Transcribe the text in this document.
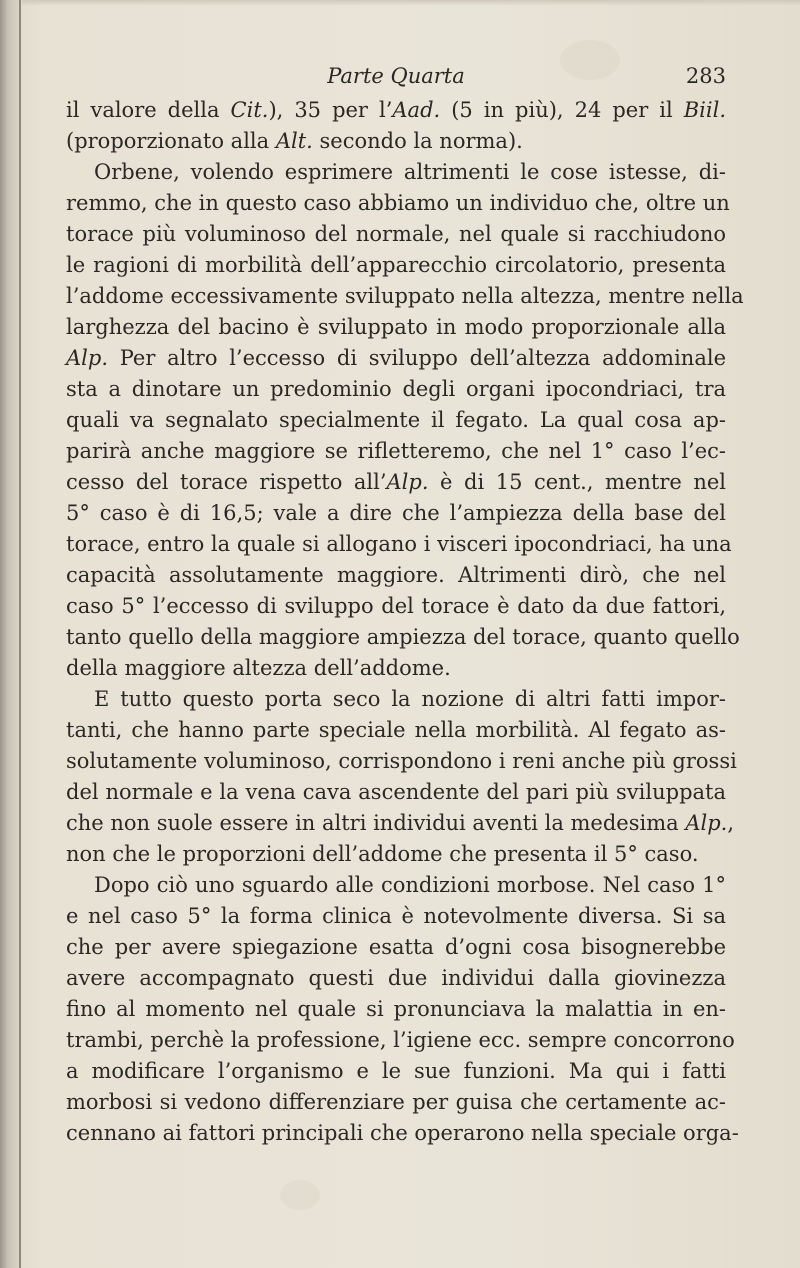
Parte Quarta	283
il valore della Cit.), 35 per l’Aad. (5 in più), 24 per il Biil.
(proporzionato alla Alt. secondo la norma).
Orbene, volendo esprimere altrimenti le cose istesse, di-
remmo, che in questo caso abbiamo un individuo che, oltre un
torace più voluminoso del normale, nel quale si racchiudono
le ragioni di morbilità dell’apparecchio circolatorio, presenta
l’addome eccessivamente sviluppato nella altezza, mentre nella
larghezza del bacino è sviluppato in modo proporzionale alla
Alp. Per altro l’eccesso di sviluppo dell’altezza addominale
sta a dinotare un predominio degli organi ipocondriaci, tra
quali va segnalato specialmente il fegato. La qual cosa ap-
parirà anche maggiore se rifletteremo, che nel 1° caso l’ec-
cesso del torace rispetto all’Alp. è di 15 cent., mentre nel
5° caso è di 16,5; vale a dire che l’ampiezza della base del
torace, entro la quale si allogano i visceri ipocondriaci, ha una
capacità assolutamente maggiore. Altrimenti dirò, che nel
caso 5° l’eccesso di sviluppo del torace è dato da due fattori,
tanto quello della maggiore ampiezza del torace, quanto quello
della maggiore altezza dell’addome.
E tutto questo porta seco la nozione di altri fatti impor-
tanti, che hanno parte speciale nella morbilità. Al fegato as-
solutamente voluminoso, corrispondono i reni anche più grossi
del normale e la vena cava ascendente del pari più sviluppata
che non suole essere in altri individui aventi la medesima Alp.,
non che le proporzioni dell’addome che presenta il 5° caso.
Dopo ciò uno sguardo alle condizioni morbose. Nel caso 1°
e nel caso 5° la forma clinica è notevolmente diversa. Si sa
che per avere spiegazione esatta d’ogni cosa bisognerebbe
avere accompagnato questi due individui dalla giovinezza
fino al momento nel quale si pronunciava la malattia in en-
trambi, perchè la professione, l’igiene ecc. sempre concorrono
a modificare l’organismo e le sue funzioni. Ma qui i fatti
morbosi si vedono differenziare per guisa che certamente ac-
cennano ai fattori principali che operarono nella speciale orga-
